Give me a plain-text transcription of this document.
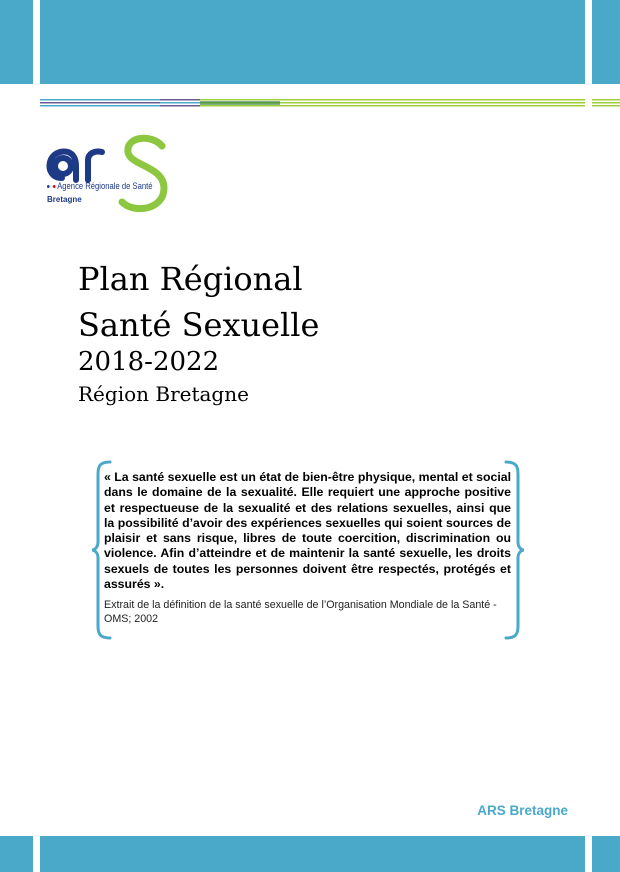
Agence Régionale de Santé
Bretagne
Plan Régional
Santé Sexuelle
2018-2022
Région Bretagne
« La santé sexuelle est un état de bien-être physique, mental et social dans le domaine de la sexualité. Elle requiert une approche positive et respectueuse de la sexualité et des relations sexuelles, ainsi que la possibilité d’avoir des expériences sexuelles qui soient sources de plaisir et sans risque, libres de toute coercition, discrimination ou violence. Afin d’atteindre et de maintenir la santé sexuelle, les droits sexuels de toutes les personnes doivent être respectés, protégés et assurés ».
Extrait de la définition de la santé sexuelle de l’Organisation Mondiale de la Santé - OMS; 2002
ARS Bretagne
